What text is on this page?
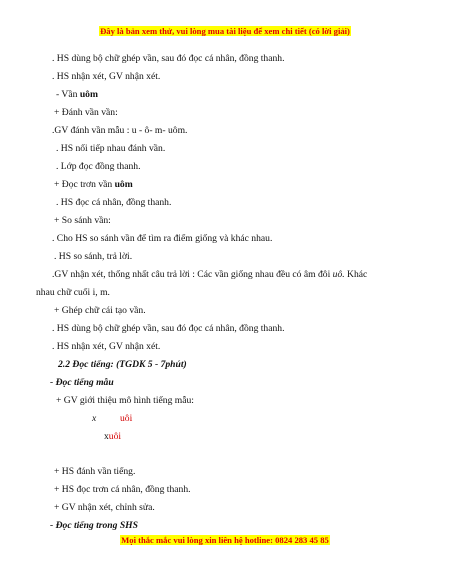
Đây là bản xem thử, vui lòng mua tài liệu để xem chi tiết (có lời giải)
. HS dùng bộ chữ ghép vần, sau đó đọc cá nhân, đồng thanh.
. HS nhận xét, GV nhận xét.
- Vần uôm
+ Đánh vần vần:
.GV đánh vần mẫu : u - ô- m- uôm.
. HS nối tiếp nhau đánh vần.
. Lớp đọc đồng thanh.
+ Đọc trơn vần uôm
. HS đọc cá nhân, đồng thanh.
+ So sánh vần:
. Cho HS so sánh vần để tìm ra điểm giống và khác nhau.
. HS so sánh, trả lời.
.GV nhận xét, thống nhất câu trả lời : Các vần giống nhau đều có âm đôi uô. Khác
nhau chữ cuối i, m.
+ Ghép chữ cái tạo vần.
. HS dùng bộ chữ ghép vần, sau đó đọc cá nhân, đồng thanh.
. HS nhận xét, GV nhận xét.
2.2 Đọc tiếng: (TGDK 5 - 7phút)
- Đọc tiếng mẫu
+ GV giới thiệu mô hình tiếng mẫu:
x uôi
xuôi
+ HS đánh vần tiếng.
+ HS đọc trơn cá nhân, đồng thanh.
+ GV nhận xét, chỉnh sửa.
- Đọc tiếng trong SHS
Mọi thắc mắc vui lòng xin liên hệ hotline: 0824 283 45 85
